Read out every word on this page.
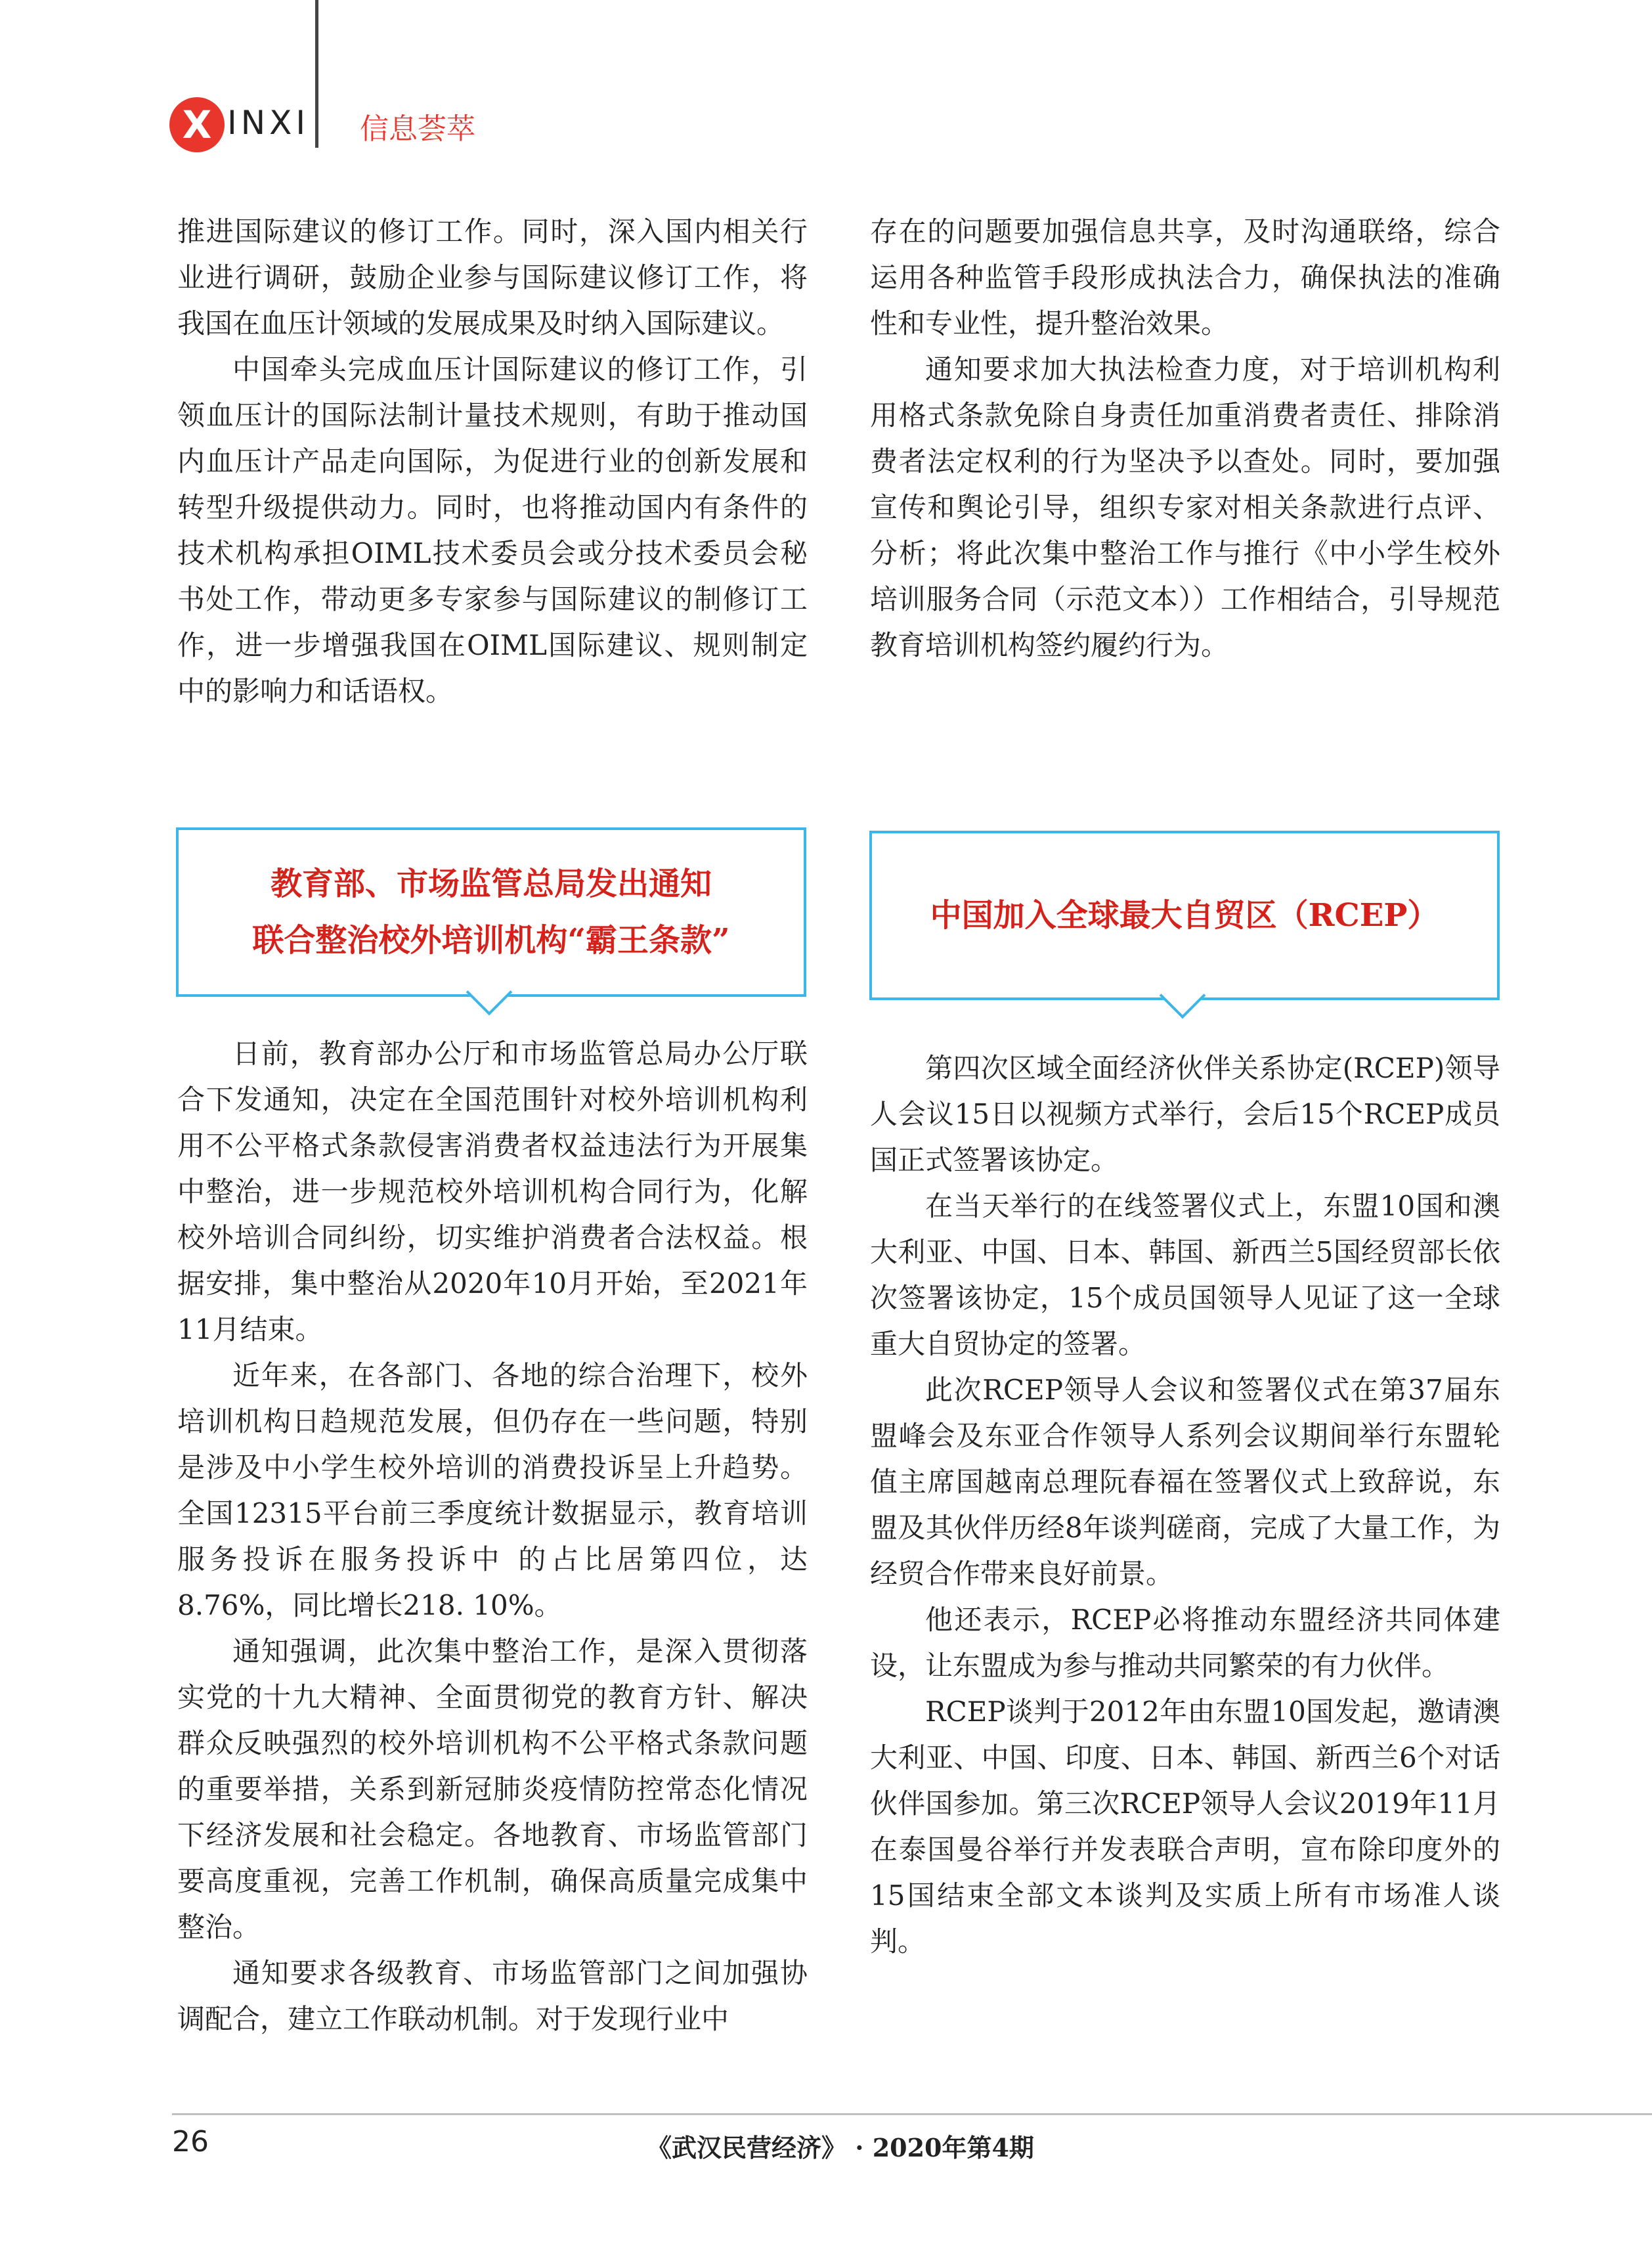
X INXI 信息荟萃

推进国际建议的修订工作。同时，深入国内相关行业进行调研，鼓励企业参与国际建议修订工作，将我国在血压计领域的发展成果及时纳入国际建议。

中国牵头完成血压计国际建议的修订工作，引领血压计的国际法制计量技术规则，有助于推动国内血压计产品走向国际，为促进行业的创新发展和转型升级提供动力。同时，也将推动国内有条件的技术机构承担OIML技术委员会或分技术委员会秘书处工作，带动更多专家参与国际建议的制修订工作，进一步增强我国在OIML国际建议、规则制定中的影响力和话语权。

存在的问题要加强信息共享，及时沟通联络，综合运用各种监管手段形成执法合力，确保执法的准确性和专业性，提升整治效果。

通知要求加大执法检查力度，对于培训机构利用格式条款免除自身责任加重消费者责任、排除消费者法定权利的行为坚决予以查处。同时，要加强宣传和舆论引导，组织专家对相关条款进行点评、分析；将此次集中整治工作与推行《中小学生校外培训服务合同（示范文本））工作相结合，引导规范教育培训机构签约履约行为。

教育部、市场监管总局发出通知
联合整治校外培训机构“霸王条款”

日前，教育部办公厅和市场监管总局办公厅联合下发通知，决定在全国范围针对校外培训机构利用不公平格式条款侵害消费者权益违法行为开展集中整治，进一步规范校外培训机构合同行为，化解校外培训合同纠纷，切实维护消费者合法权益。根据安排，集中整治从2020年10月开始，至2021年11月结束。

近年来，在各部门、各地的综合治理下，校外培训机构日趋规范发展，但仍存在一些问题，特别是涉及中小学生校外培训的消费投诉呈上升趋势。全国12315平台前三季度统计数据显示，教育培训服务投诉在服务投诉中 的占比居第四位，达8.76%，同比增长218. 10%。

通知强调，此次集中整治工作，是深入贯彻落实党的十九大精神、全面贯彻党的教育方针、解决群众反映强烈的校外培训机构不公平格式条款问题的重要举措，关系到新冠肺炎疫情防控常态化情况下经济发展和社会稳定。各地教育、市场监管部门要高度重视，完善工作机制，确保高质量完成集中整治。

通知要求各级教育、市场监管部门之间加强协调配合，建立工作联动机制。对于发现行业中

中国加入全球最大自贸区（RCEP）

第四次区域全面经济伙伴关系协定(RCEP)领导人会议15日以视频方式举行，会后15个RCEP成员国正式签署该协定。

在当天举行的在线签署仪式上，东盟10国和澳大利亚、中国、日本、韩国、新西兰5国经贸部长依次签署该协定，15个成员国领导人见证了这一全球重大自贸协定的签署。

此次RCEP领导人会议和签署仪式在第37届东盟峰会及东亚合作领导人系列会议期间举行东盟轮值主席国越南总理阮春福在签署仪式上致辞说，东盟及其伙伴历经8年谈判磋商，完成了大量工作，为经贸合作带来良好前景。

他还表示，RCEP必将推动东盟经济共同体建设，让东盟成为参与推动共同繁荣的有力伙伴。

RCEP谈判于2012年由东盟10国发起，邀请澳大利亚、中国、印度、日本、韩国、新西兰6个对话伙伴国参加。第三次RCEP领导人会议2019年11月在泰国曼谷举行并发表联合声明，宣布除印度外的15国结束全部文本谈判及实质上所有市场准人谈判。

26	《武汉民营经济》 · 2020年第4期
